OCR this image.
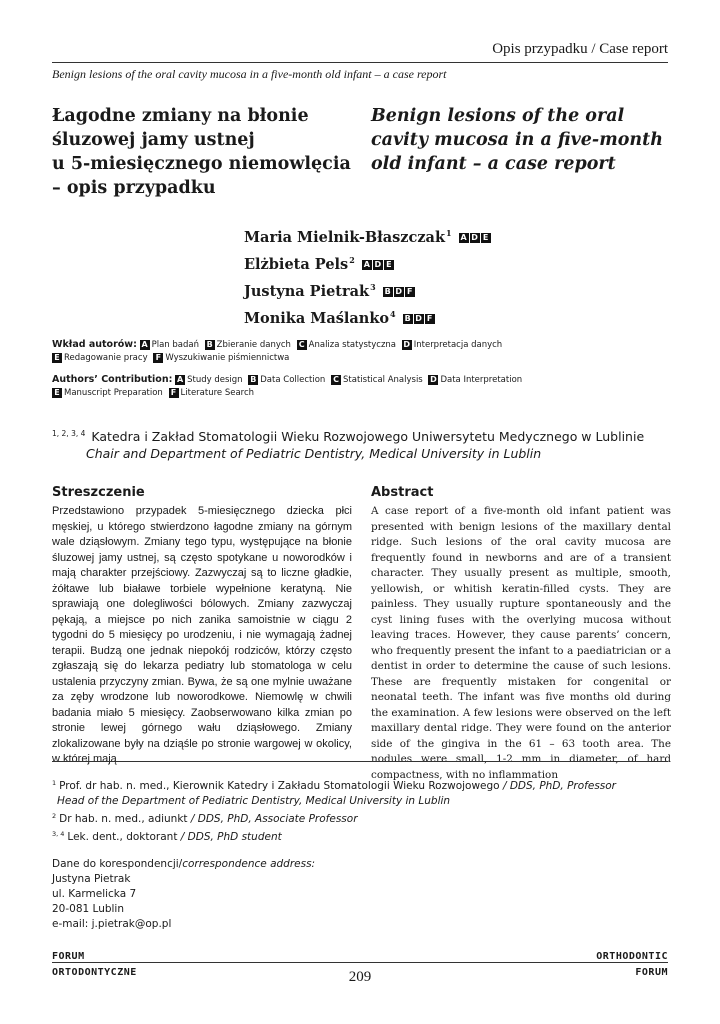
Opis przypadku / Case report
Benign lesions of the oral cavity mucosa in a five-month old infant – a case report
Łagodne zmiany na błonie
śluzowej jamy ustnej
u 5-miesięcznego niemowlęcia
– opis przypadku
Benign lesions of the oral
cavity mucosa in a five-month
old infant – a case report
Maria Mielnik-Błaszczak$^1$ A D E
Elżbieta Pels$^2$ A D E
Justyna Pietrak$^3$ B D F
Monika Maślanko$^4$ B D F
Wkład autorów: A Plan badań B Zbieranie danych C Analiza statystyczna D Interpretacja danych
E Redagowanie pracy F Wyszukiwanie piśmiennictwa
Authors’ Contribution: A Study design B Data Collection C Statistical Analysis D Data Interpretation
E Manuscript Preparation F Literature Search
$^{1, 2, 3, 4}$ Katedra i Zakład Stomatologii Wieku Rozwojowego Uniwersytetu Medycznego w Lublinie
Chair and Department of Pediatric Dentistry, Medical University in Lublin
Streszczenie

Przedstawiono przypadek 5-miesięcznego dziecka płci męskiej, u którego stwierdzono łagodne zmiany na górnym wale dziąsłowym. Zmiany tego typu, występujące na błonie śluzowej jamy ustnej, są często spotykane u noworodków i mają charakter przejściowy. Zazwyczaj są to liczne gładkie, żółtawe lub białawe torbiele wypełnione keratyną. Nie sprawiają one dolegliwości bólowych. Zmiany zazwyczaj pękają, a miejsce po nich zanika samoistnie w ciągu 2 tygodni do 5 miesięcy po urodzeniu, i nie wymagają żadnej terapii. Budzą one jednak niepokój rodziców, którzy często zgłaszają się do lekarza pediatry lub stomatologa w celu ustalenia przyczyny zmian. Bywa, że są one mylnie uważane za zęby wrodzone lub noworodkowe. Niemowlę w chwili badania miało 5 miesięcy. Zaobserwowano kilka zmian po stronie lewej górnego wału dziąsłowego. Zmiany zlokalizowane były na dziąśle po stronie wargowej w okolicy, w której mają

Abstract

A case report of a five-month old infant patient was presented with benign lesions of the maxillary dental ridge. Such lesions of the oral cavity mucosa are frequently found in newborns and are of a transient character. They usually present as multiple, smooth, yellowish, or whitish keratin-filled cysts. They are painless. They usually rupture spontaneously and the cyst lining fuses with the overlying mucosa without leaving traces. However, they cause parents’ concern, who frequently present the infant to a paediatrician or a dentist in order to determine the cause of such lesions. These are frequently mistaken for congenital or neonatal teeth. The infant was five months old during the examination. A few lesions were observed on the left maxillary dental ridge. They were found on the anterior side of the gingiva in the 61 – 63 tooth area. The nodules were small, 1-2 mm in diameter, of hard compactness, with no inflammation

$^1$ Prof. dr hab. n. med., Kierownik Katedry i Zakładu Stomatologii Wieku Rozwojowego / DDS, PhD, Professor
Head of the Department of Pediatric Dentistry, Medical University in Lublin
$^2$ Dr hab. n. med., adiunkt / DDS, PhD, Associate Professor
$^{3, 4}$ Lek. dent., doktorant / DDS, PhD student
Dane do korespondencji/correspondence address:
Justyna Pietrak
ul. Karmelicka 7
20-081 Lublin
e-mail: j.pietrak@op.pl
FORUM
ORTODONTYCZNE
ORTHODONTIC
FORUM
209
